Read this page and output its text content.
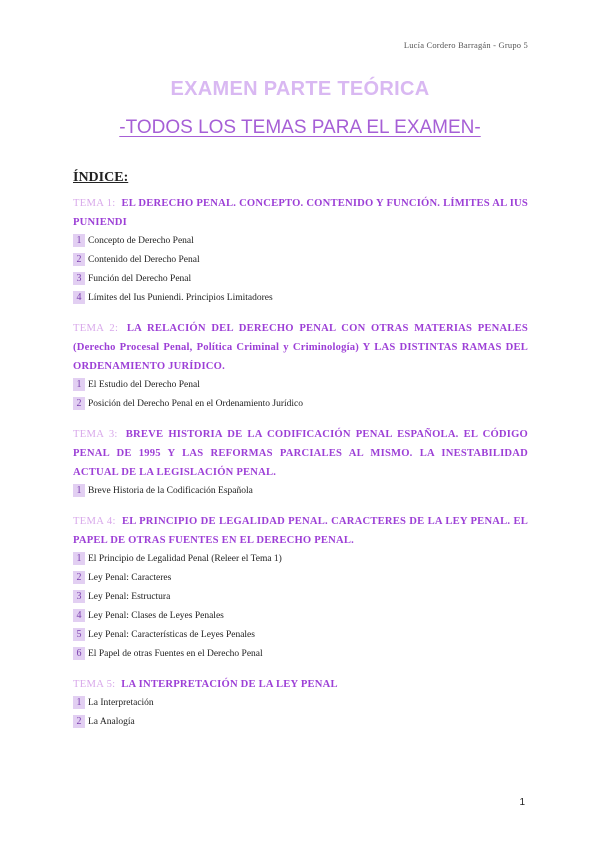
Lucía Cordero Barragán - Grupo 5
EXAMEN PARTE TEÓRICA
-TODOS LOS TEMAS PARA EL EXAMEN-
ÍNDICE:
TEMA 1: EL DERECHO PENAL. CONCEPTO. CONTENIDO Y FUNCIÓN. LÍMITES AL IUS PUNIENDI
1 Concepto de Derecho Penal
2 Contenido del Derecho Penal
3 Función del Derecho Penal
4 Límites del Ius Puniendi. Principios Limitadores
TEMA 2: LA RELACIÓN DEL DERECHO PENAL CON OTRAS MATERIAS PENALES (Derecho Procesal Penal, Política Criminal y Criminología) Y LAS DISTINTAS RAMAS DEL ORDENAMIENTO JURÍDICO.
1 El Estudio del Derecho Penal
2 Posición del Derecho Penal en el Ordenamiento Jurídico
TEMA 3: BREVE HISTORIA DE LA CODIFICACIÓN PENAL ESPAÑOLA. EL CÓDIGO PENAL DE 1995 Y LAS REFORMAS PARCIALES AL MISMO. LA INESTABILIDAD ACTUAL DE LA LEGISLACIÓN PENAL.
1 Breve Historia de la Codificación Española
TEMA 4: EL PRINCIPIO DE LEGALIDAD PENAL. CARACTERES DE LA LEY PENAL. EL PAPEL DE OTRAS FUENTES EN EL DERECHO PENAL.
1 El Principio de Legalidad Penal (Releer el Tema 1)
2 Ley Penal: Caracteres
3 Ley Penal: Estructura
4 Ley Penal: Clases de Leyes Penales
5 Ley Penal: Características de Leyes Penales
6 El Papel de otras Fuentes en el Derecho Penal
TEMA 5: LA INTERPRETACIÓN DE LA LEY PENAL
1 La Interpretación
2 La Analogía
1
